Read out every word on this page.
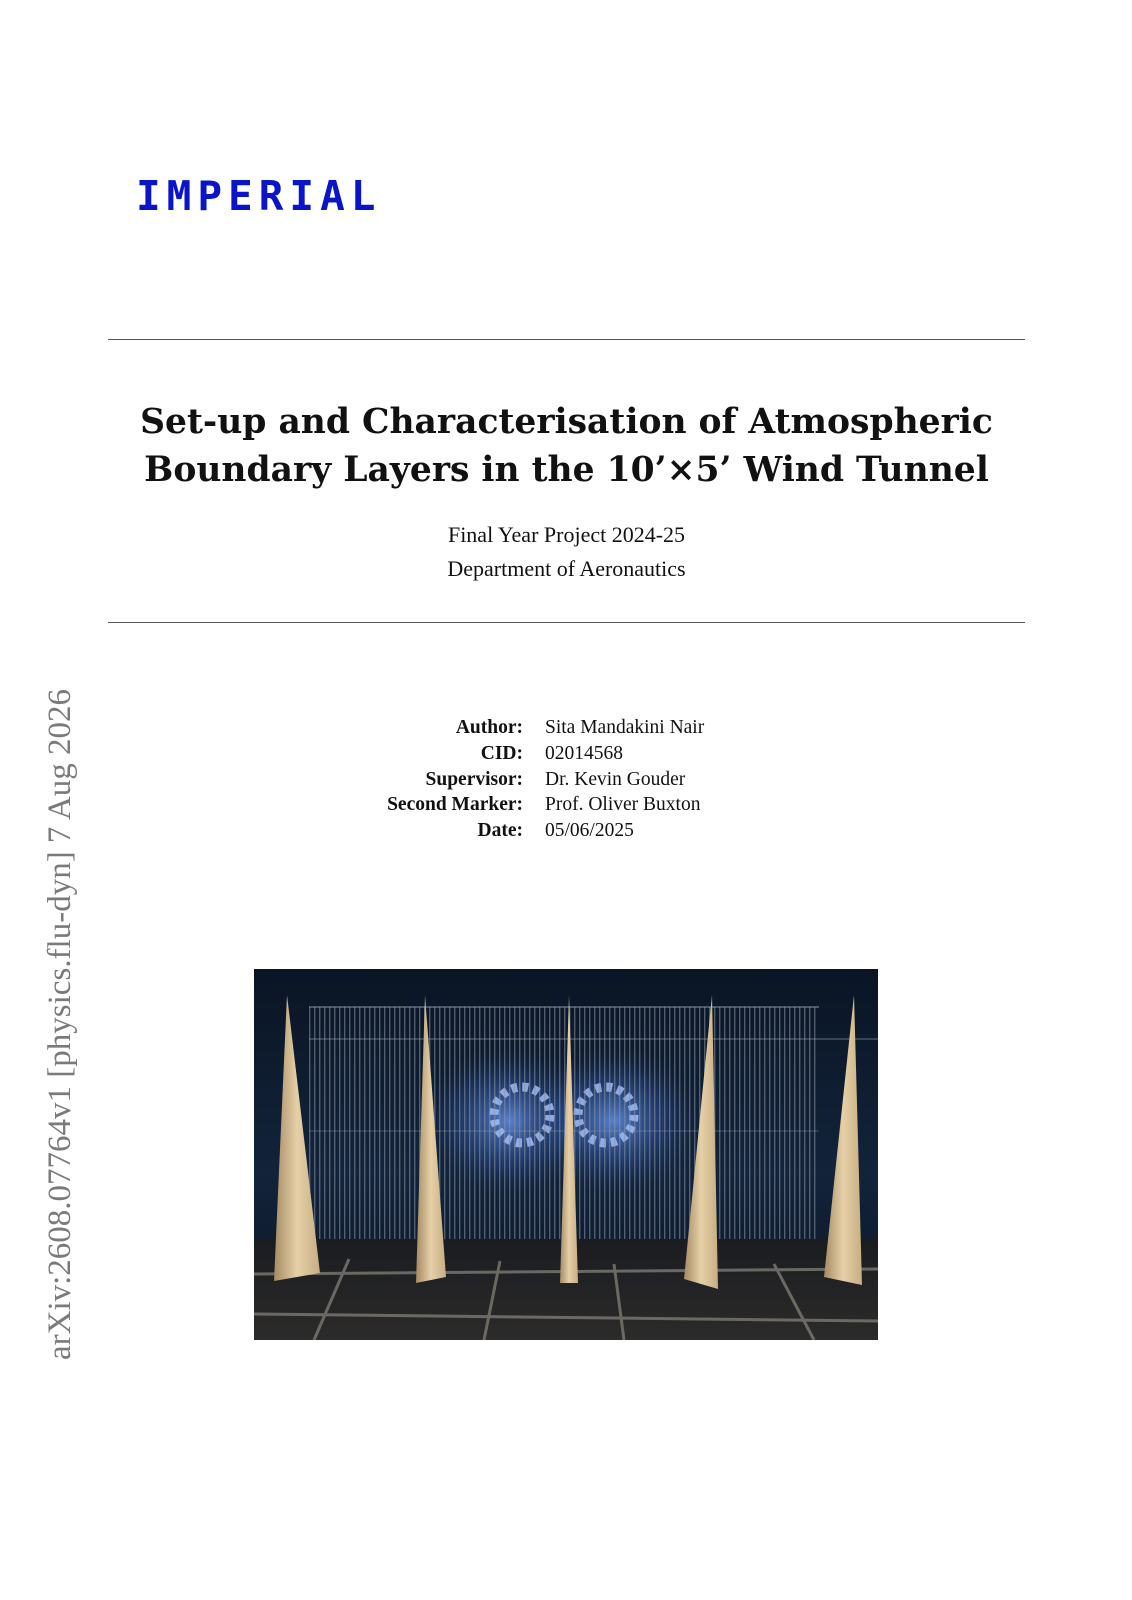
IMPERIAL
arXiv:2608.07764v1 [physics.flu-dyn] 7 Aug 2026
Set-up and Characterisation of Atmospheric
Boundary Layers in the 10’×5’ Wind Tunnel
Final Year Project 2024-25
Department of Aeronautics
Author:	Sita Mandakini Nair
CID:	02014568
Supervisor:	Dr. Kevin Gouder
Second Marker:	Prof. Oliver Buxton
Date:	05/06/2025
